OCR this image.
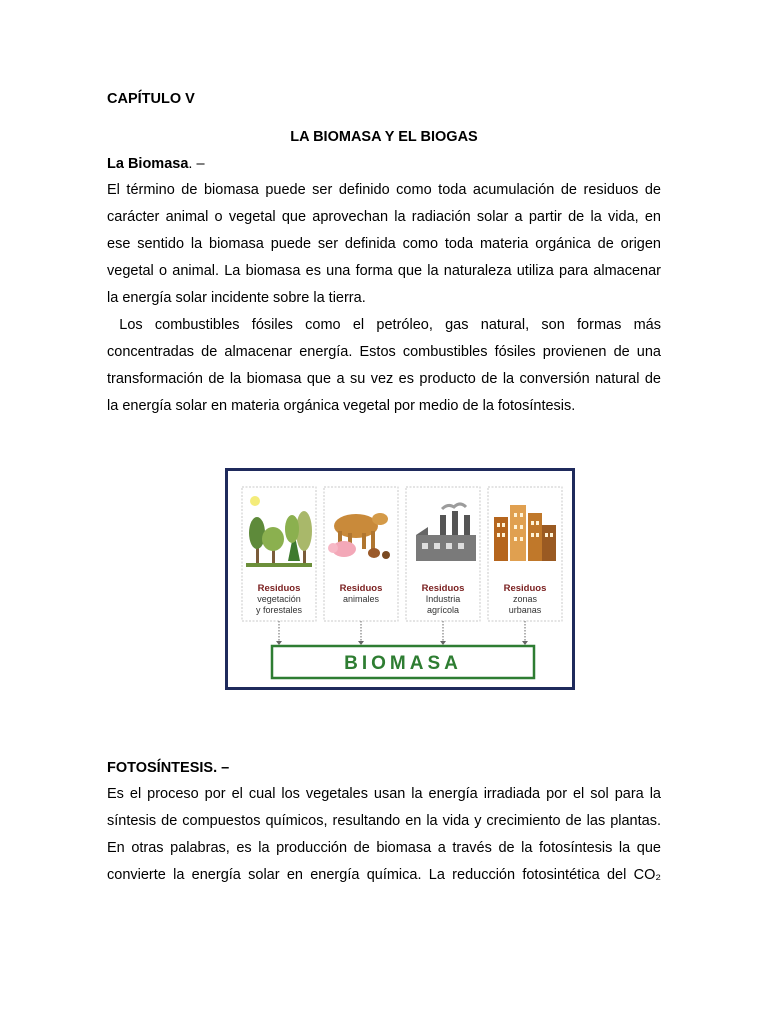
CAPÍTULO V
LA BIOMASA Y EL BIOGAS
La Biomasa. –
El término de biomasa puede ser definido como toda acumulación de residuos de
carácter animal o vegetal que aprovechan la radiación solar a partir de la vida, en
ese sentido la biomasa puede ser definida como toda materia orgánica de origen
vegetal o animal. La biomasa es una forma que la naturaleza utiliza para almacenar
la energía solar incidente sobre la tierra.
Los combustibles fósiles como el petróleo, gas natural, son formas más
concentradas de almacenar energía. Estos combustibles fósiles provienen de una
transformación de la biomasa que a su vez es producto de la conversión natural de
la energía solar en materia orgánica vegetal por medio de la fotosíntesis.
Residuos
vegetación
y forestales
Residuos
animales
Residuos
Industria
agrícola
Residuos
zonas
urbanas
BIOMASA
FOTOSÍNTESIS. –
Es el proceso por el cual los vegetales usan la energía irradiada por el sol para la
síntesis de compuestos químicos, resultando en la vida y crecimiento de las plantas.
En otras palabras, es la producción de biomasa a través de la fotosíntesis la que
convierte la energía solar en energía química. La reducción fotosintética del CO₂
